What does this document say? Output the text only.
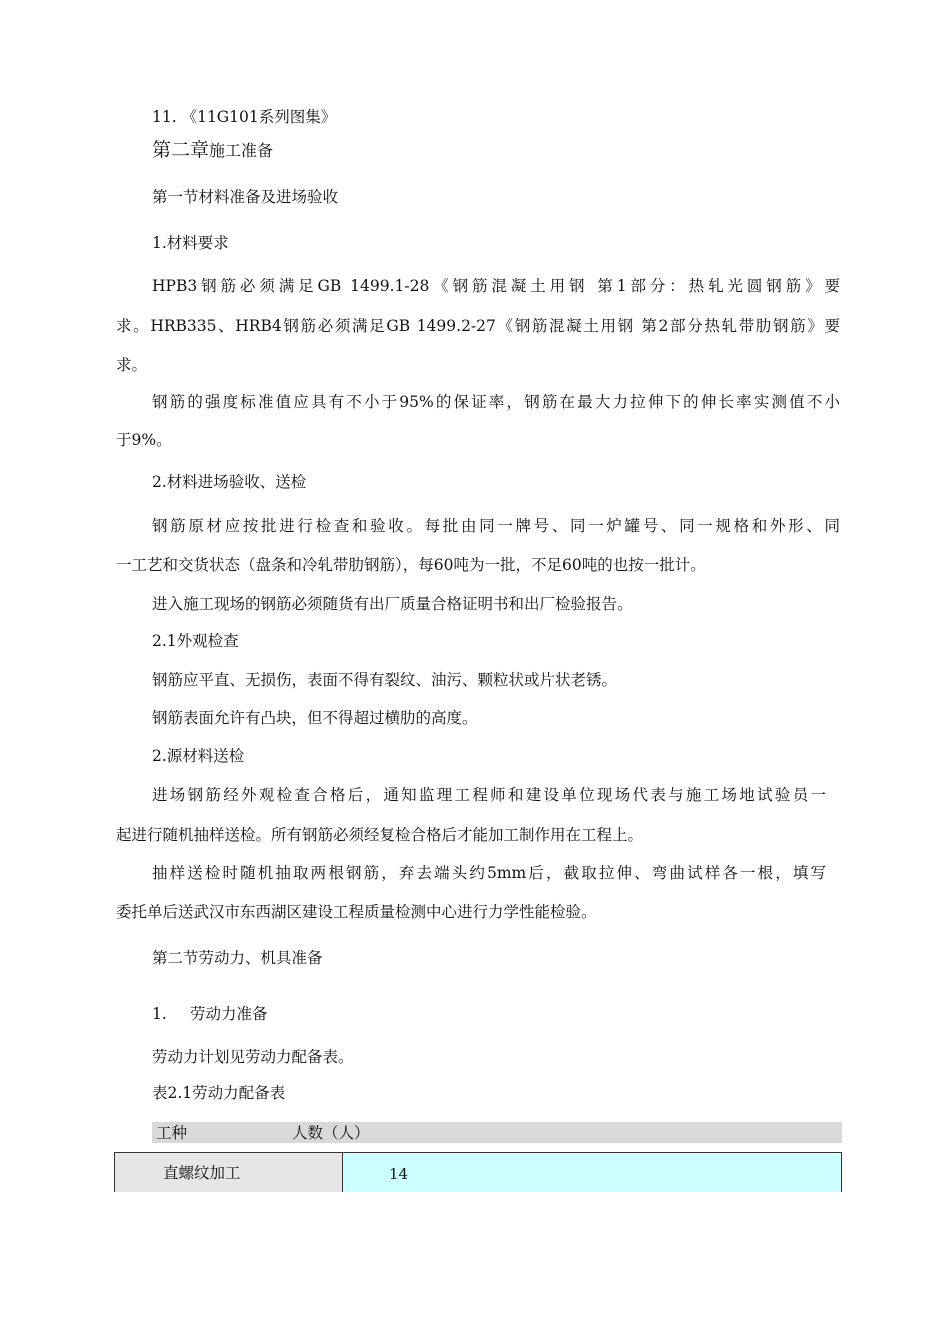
11. 《11G101系列图集》
第二章施工准备
第一节材料准备及进场验收
1.材料要求
HPB3钢筋必须满足GB 1499.1-28《钢筋混凝土用钢 第1部分：热轧光圆钢筋》要
求。HRB335、HRB4钢筋必须满足GB 1499.2-27《钢筋混凝土用钢 第2部分热轧带肋钢筋》要
求。
钢筋的强度标准值应具有不小于95%的保证率，钢筋在最大力拉伸下的伸长率实测值不小
于9%。
2.材料进场验收、送检
钢筋原材应按批进行检查和验收。每批由同一牌号、同一炉罐号、同一规格和外形、同
一工艺和交货状态（盘条和冷轧带肋钢筋），每60吨为一批，不足60吨的也按一批计。
进入施工现场的钢筋必须随货有出厂质量合格证明书和出厂检验报告。
2.1外观检查
钢筋应平直、无损伤，表面不得有裂纹、油污、颗粒状或片状老锈。
钢筋表面允许有凸块，但不得超过横肋的高度。
2.源材料送检
进场钢筋经外观检查合格后，通知监理工程师和建设单位现场代表与施工场地试验员一
起进行随机抽样送检。所有钢筋必须经复检合格后才能加工制作用在工程上。
抽样送检时随机抽取两根钢筋，弃去端头约5mm后，截取拉伸、弯曲试样各一根，填写
委托单后送武汉市东西湖区建设工程质量检测中心进行力学性能检验。
第二节劳动力、机具准备
1. 劳动力准备
劳动力计划见劳动力配备表。
表2.1劳动力配备表
工种	人数（人）
直螺纹加工	14
